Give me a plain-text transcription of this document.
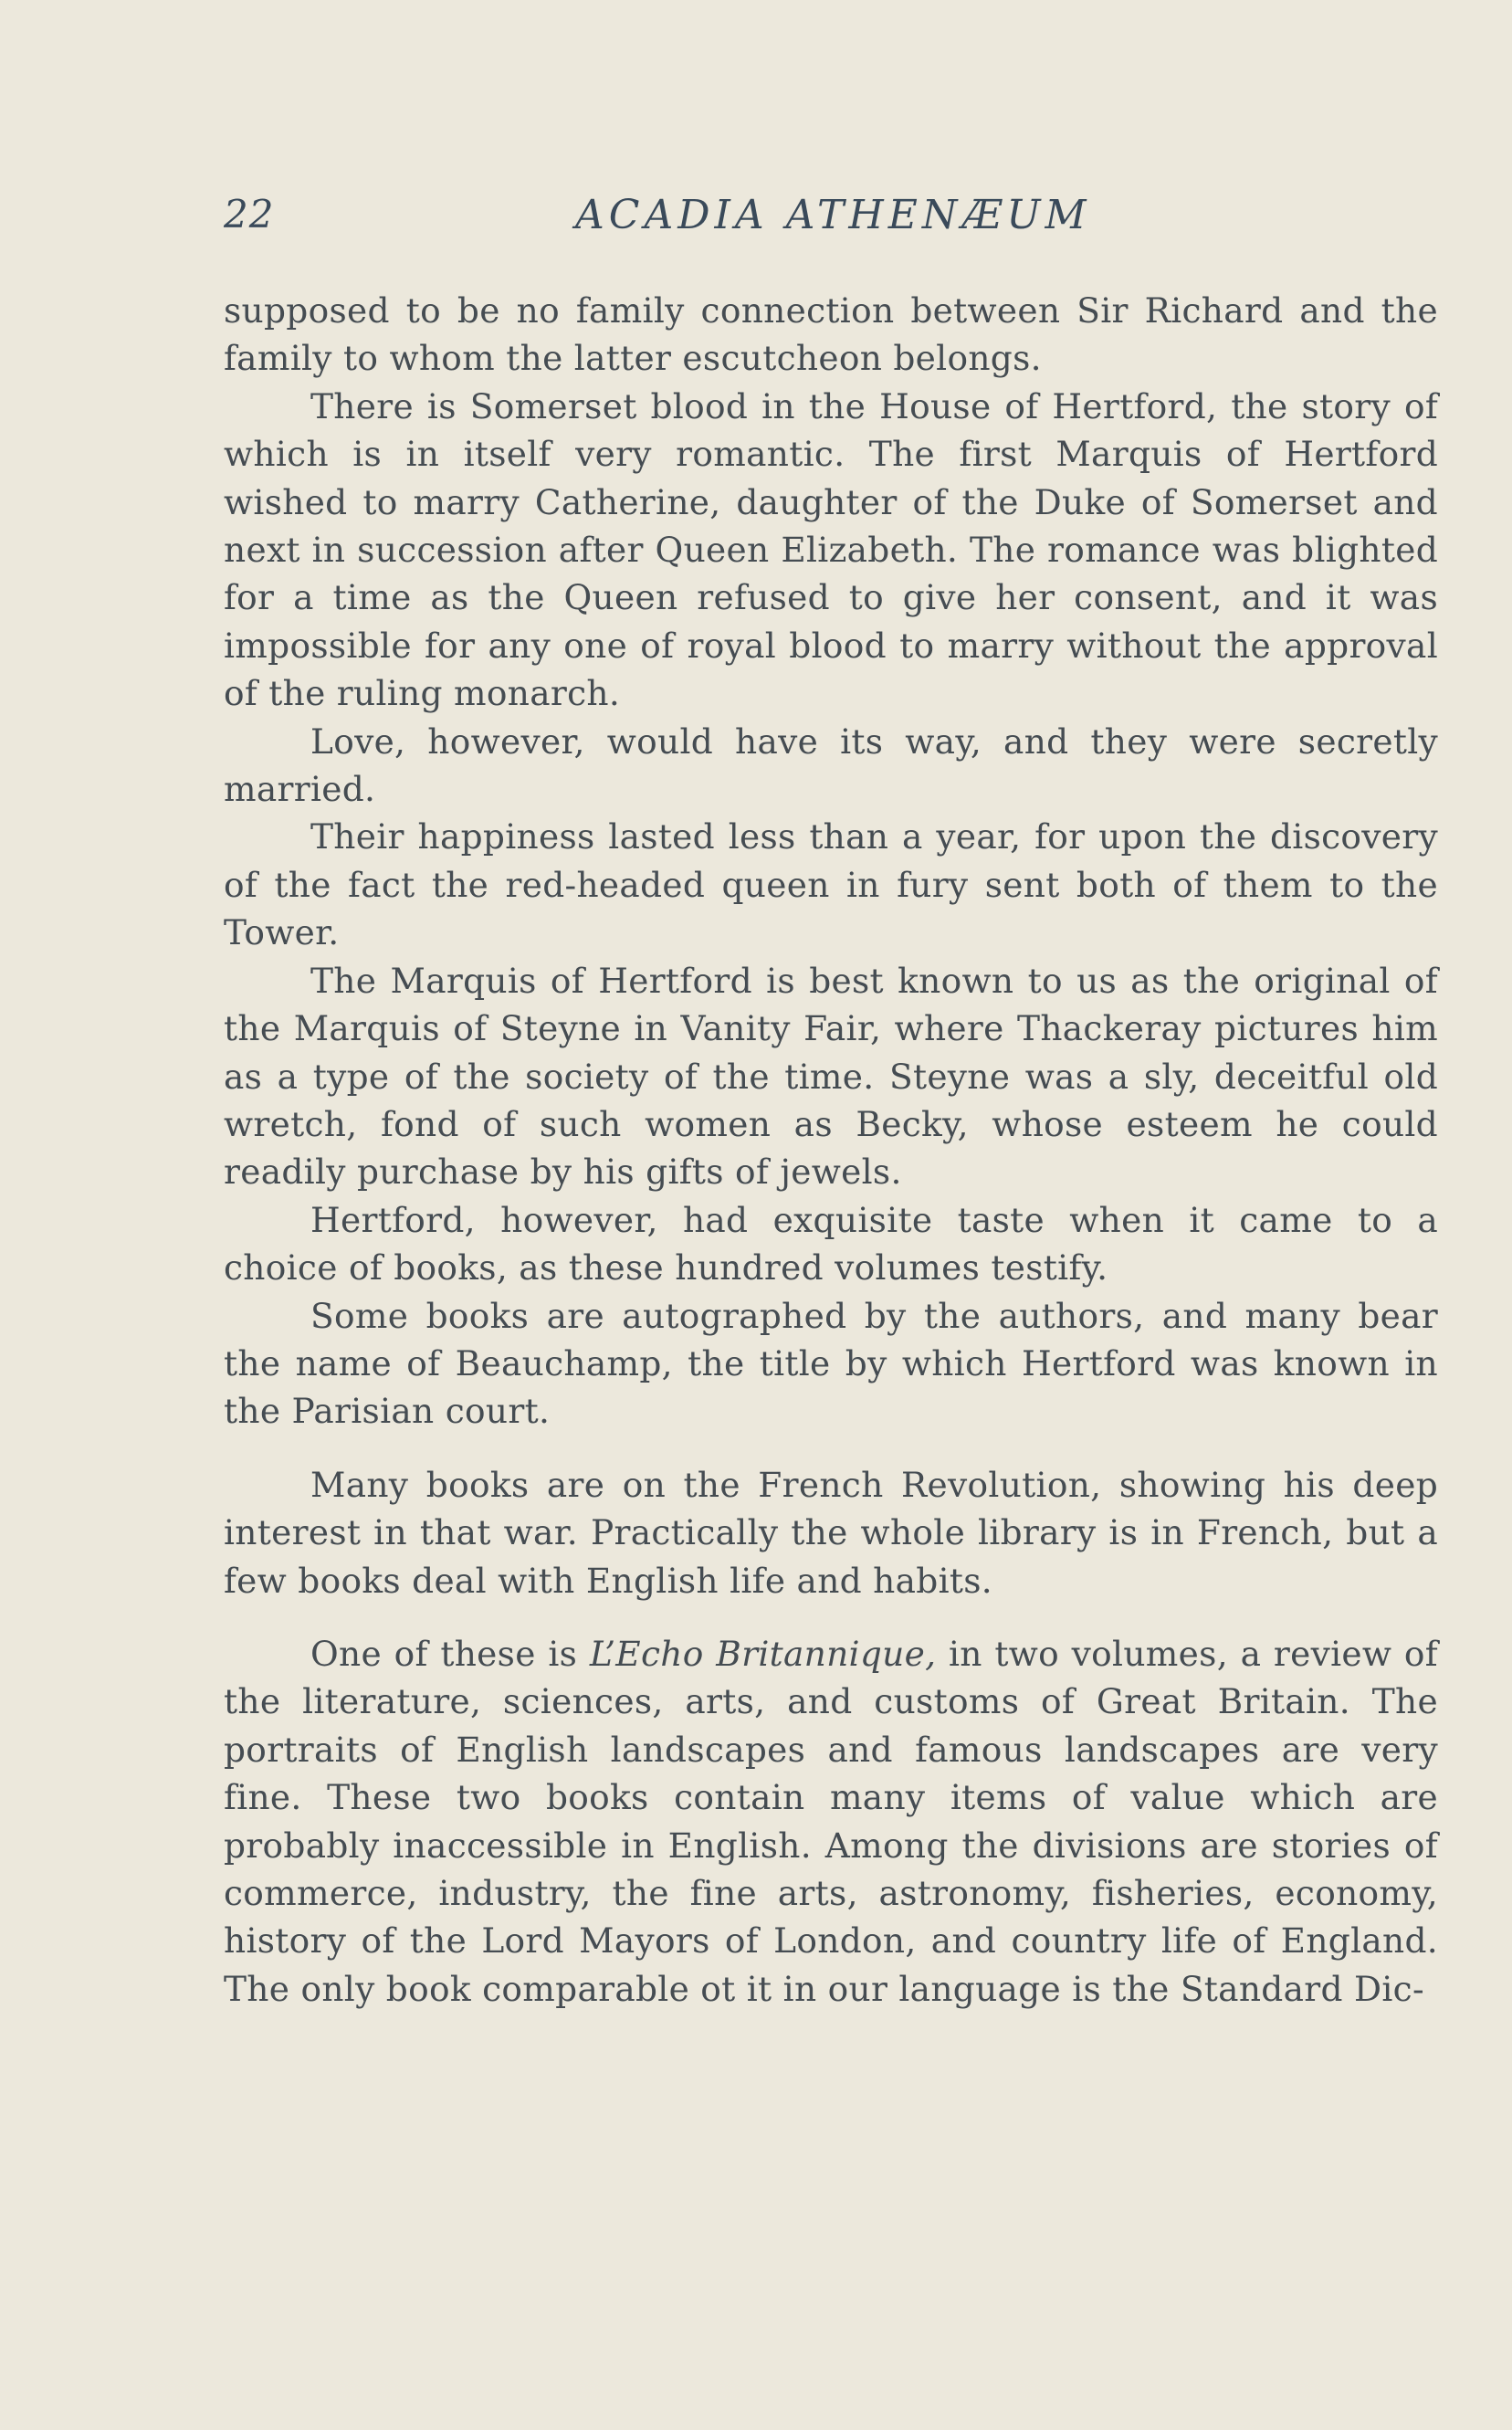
22	ACADIA ATHENÆUM

supposed to be no family connection between Sir Richard and the family to whom the latter escutcheon belongs.

There is Somerset blood in the House of Hertford, the story of which is in itself very romantic. The first Marquis of Hertford wished to marry Catherine, daughter of the Duke of Somerset and next in succession after Queen Elizabeth. The romance was blighted for a time as the Queen refused to give her consent, and it was impossible for any one of royal blood to marry without the approval of the ruling monarch.

Love, however, would have its way, and they were secretly married.

Their happiness lasted less than a year, for upon the discovery of the fact the red-headed queen in fury sent both of them to the Tower.

The Marquis of Hertford is best known to us as the original of the Marquis of Steyne in Vanity Fair, where Thackeray pictures him as a type of the society of the time. Steyne was a sly, deceitful old wretch, fond of such women as Becky, whose esteem he could readily purchase by his gifts of jewels.

Hertford, however, had exquisite taste when it came to a choice of books, as these hundred volumes testify.

Some books are autographed by the authors, and many bear the name of Beauchamp, the title by which Hertford was known in the Parisian court.

Many books are on the French Revolution, showing his deep interest in that war. Practically the whole library is in French, but a few books deal with English life and habits.

One of these is L’Echo Britannique, in two volumes, a review of the literature, sciences, arts, and customs of Great Britain. The portraits of English landscapes and famous landscapes are very fine. These two books contain many items of value which are probably inaccessible in English. Among the divisions are stories of commerce, industry, the fine arts, astronomy, fisheries, economy, history of the Lord Mayors of London, and country life of England. The only book comparable ot it in our language is the Standard Dic-
